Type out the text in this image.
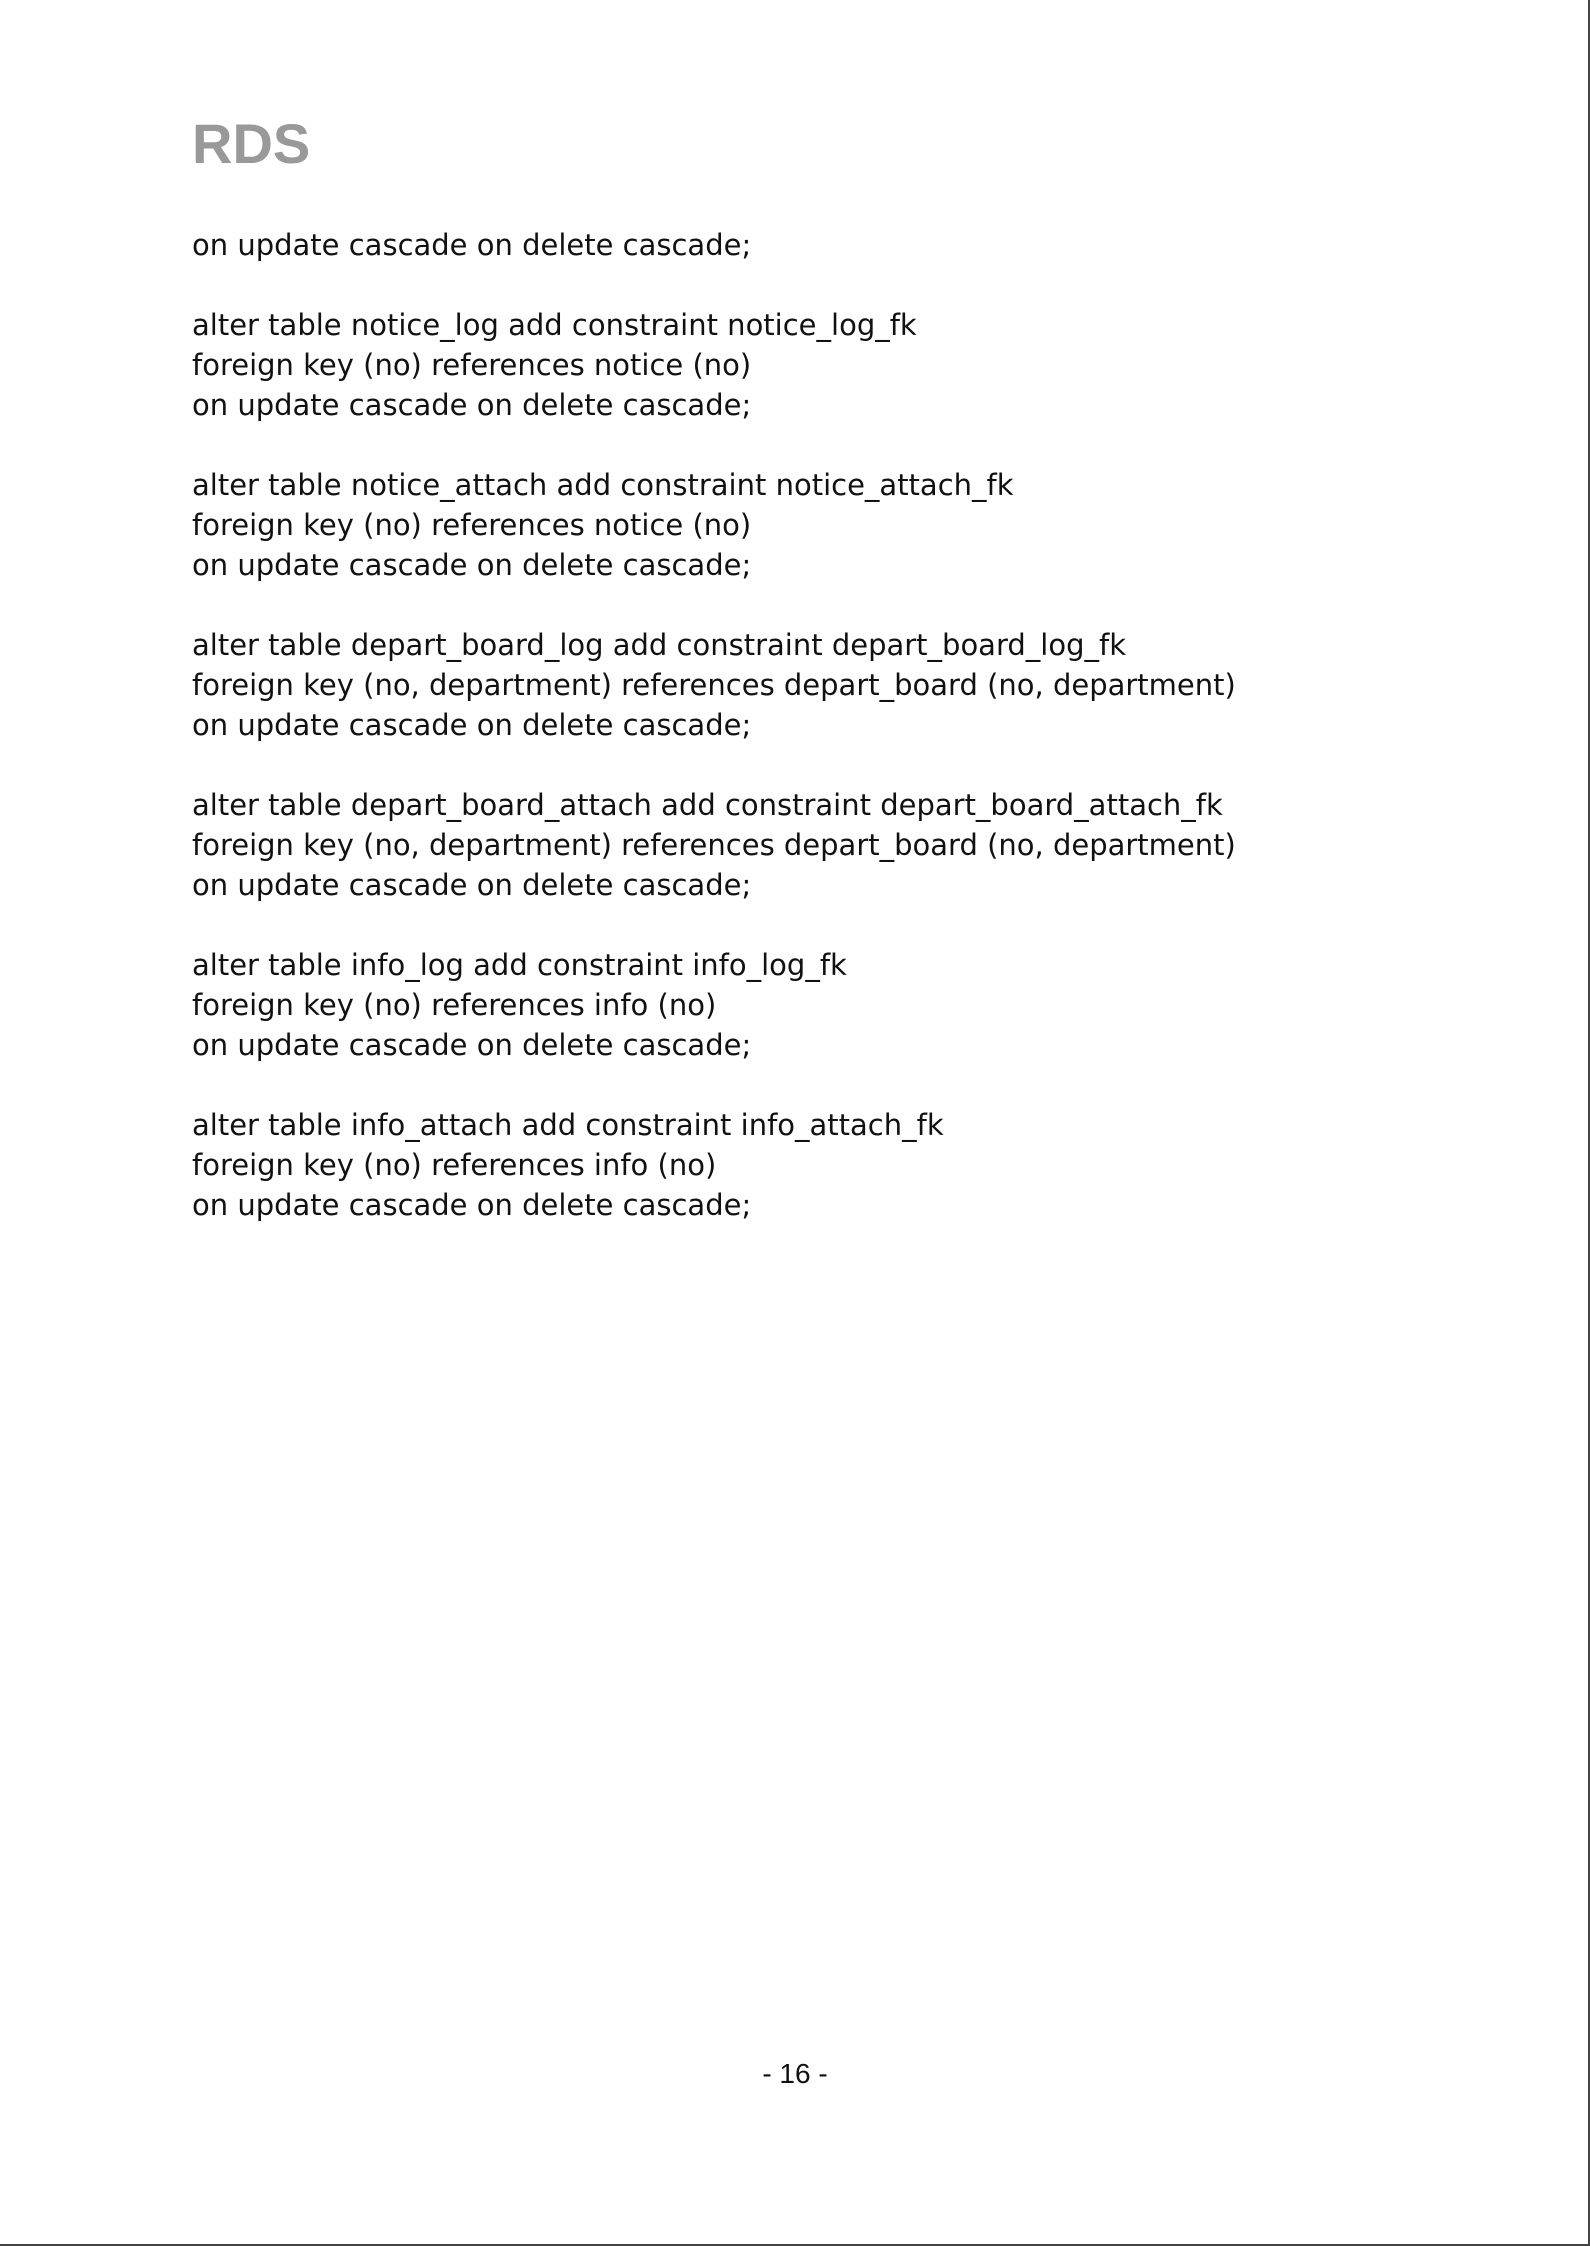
RDS
on update cascade on delete cascade;
alter table notice_log add constraint notice_log_fk
foreign key (no) references notice (no)
on update cascade on delete cascade;
alter table notice_attach add constraint notice_attach_fk
foreign key (no) references notice (no)
on update cascade on delete cascade;
alter table depart_board_log add constraint depart_board_log_fk
foreign key (no, department) references depart_board (no, department)
on update cascade on delete cascade;
alter table depart_board_attach add constraint depart_board_attach_fk
foreign key (no, department) references depart_board (no, department)
on update cascade on delete cascade;
alter table info_log add constraint info_log_fk
foreign key (no) references info (no)
on update cascade on delete cascade;
alter table info_attach add constraint info_attach_fk
foreign key (no) references info (no)
on update cascade on delete cascade;
- 16 -
